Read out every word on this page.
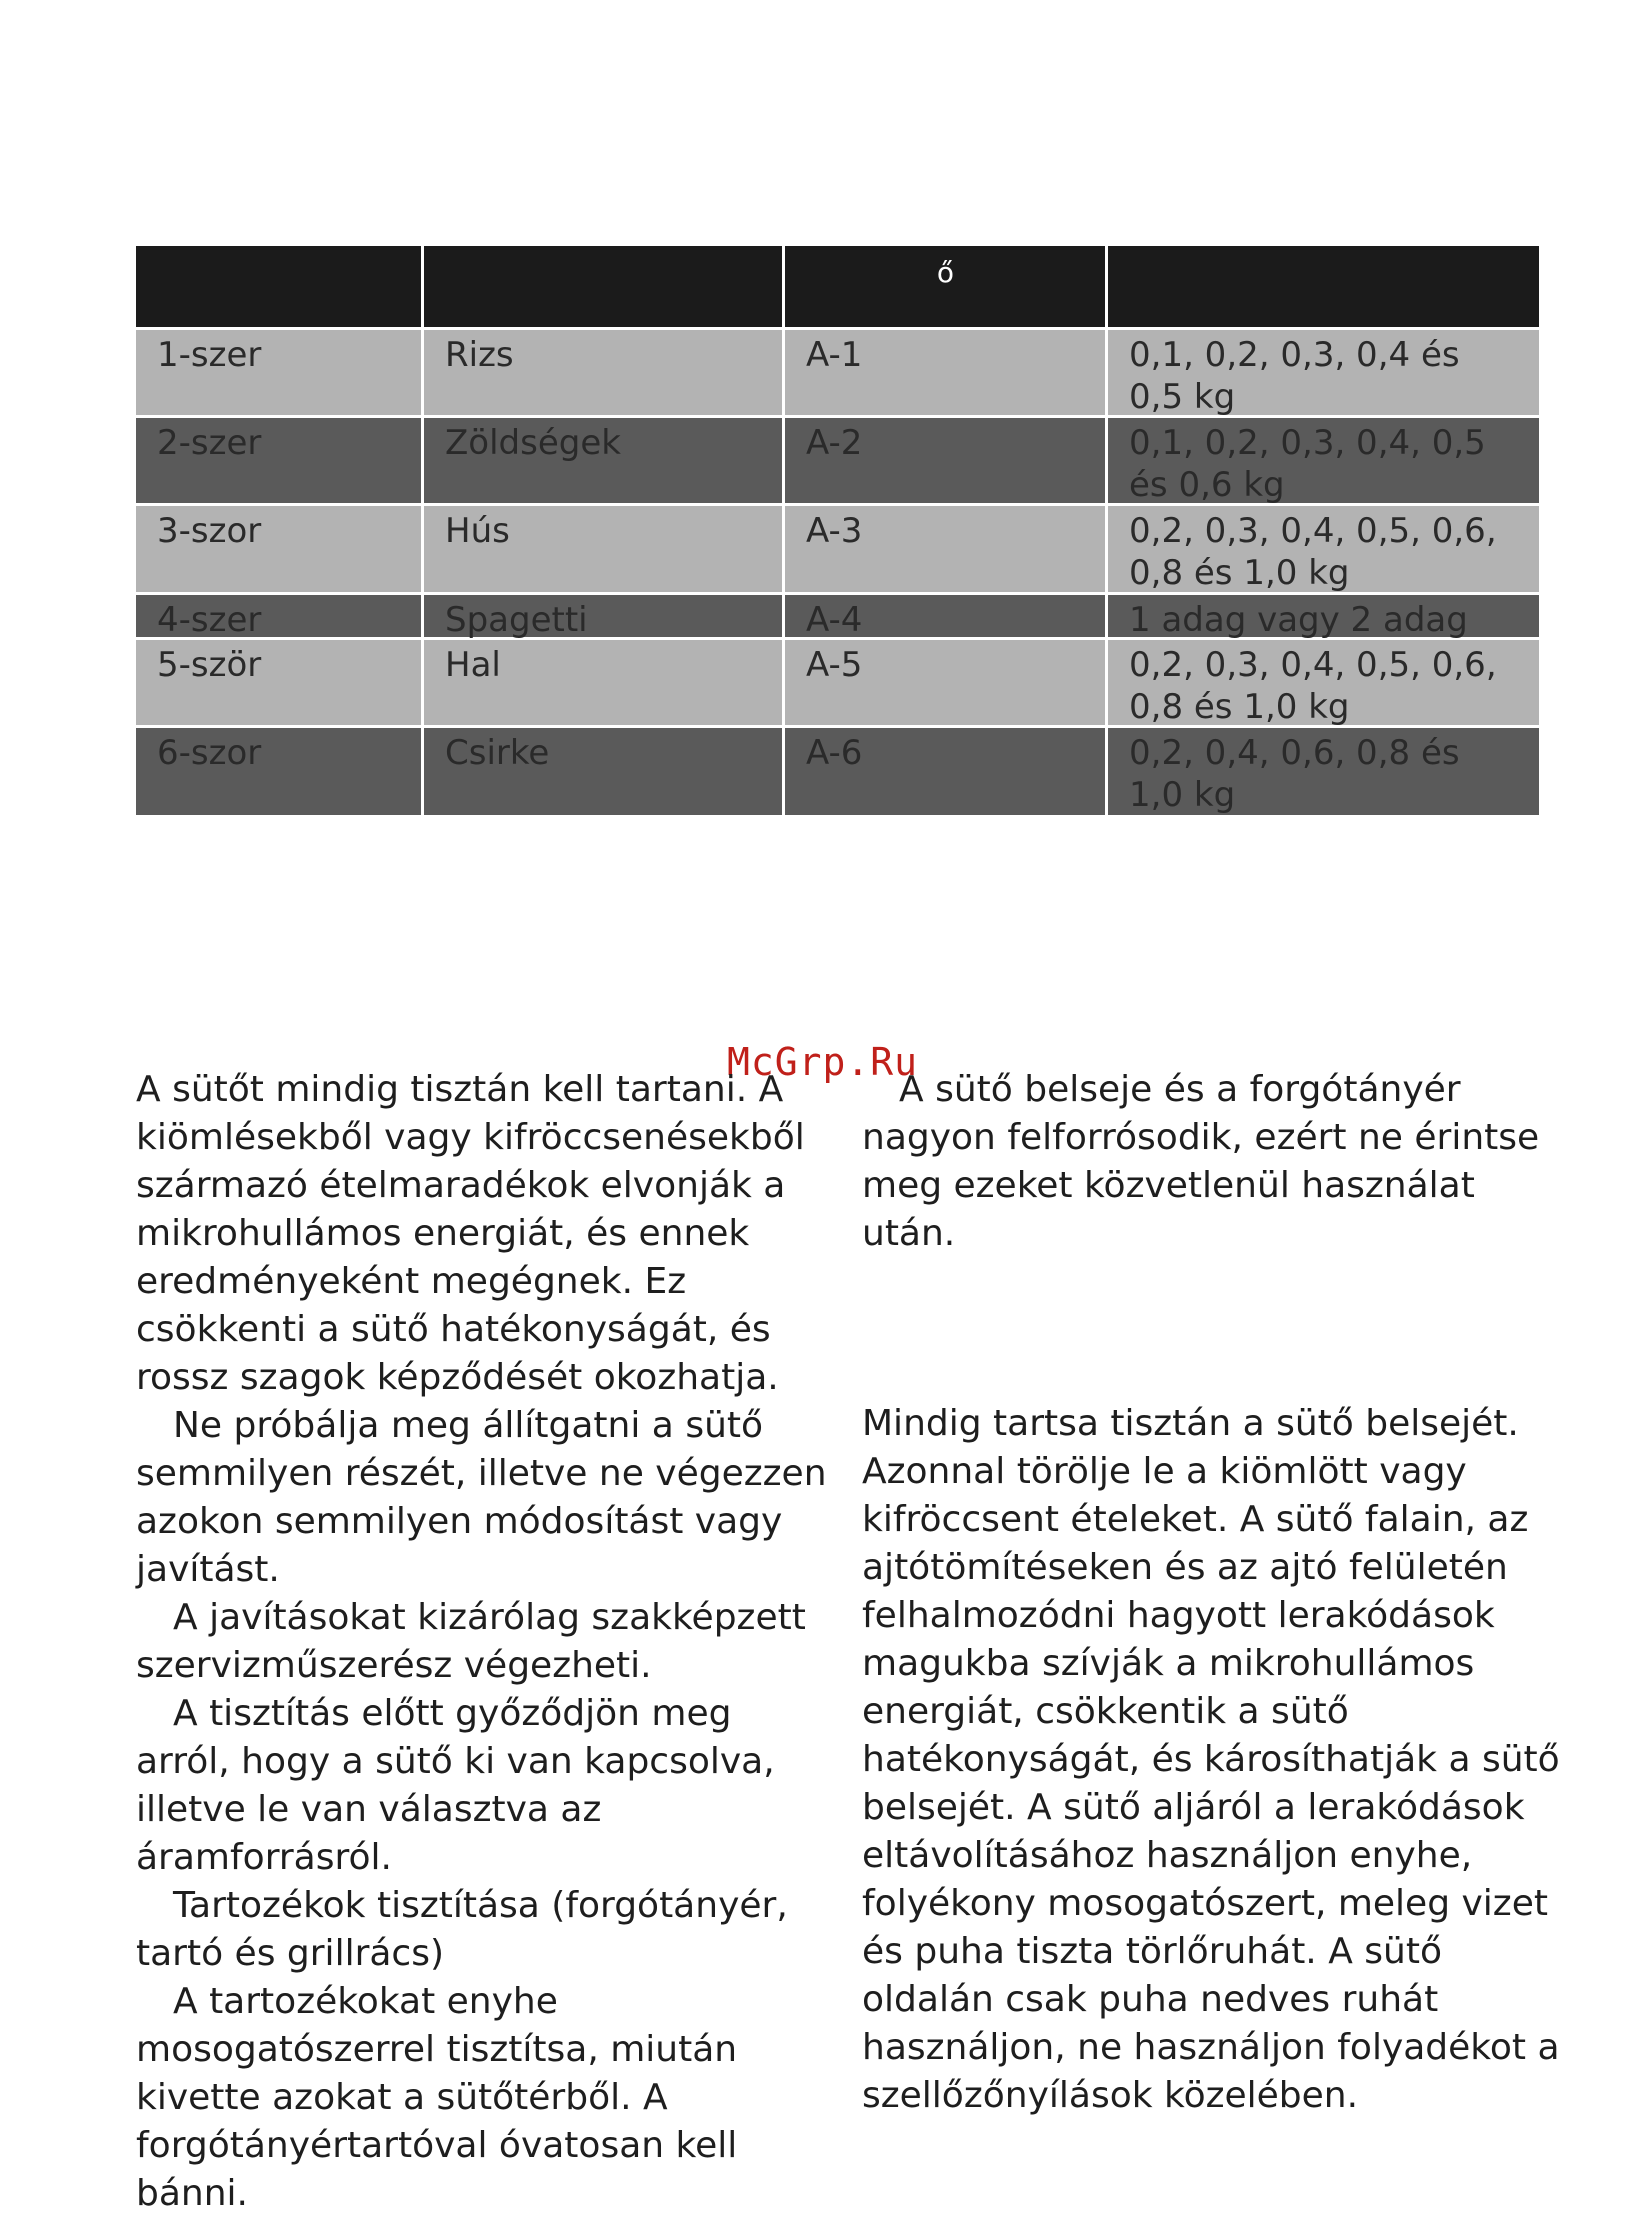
ő
1-szer	Rizs	A-1	0,1, 0,2, 0,3, 0,4 és 0,5 kg
2-szer	Zöldségek	A-2	0,1, 0,2, 0,3, 0,4, 0,5 és 0,6 kg
3-szor	Hús	A-3	0,2, 0,3, 0,4, 0,5, 0,6, 0,8 és 1,0 kg
4-szer	Spagetti	A-4	1 adag vagy 2 adag
5-ször	Hal	A-5	0,2, 0,3, 0,4, 0,5, 0,6, 0,8 és 1,0 kg
6-szor	Csirke	A-6	0,2, 0,4, 0,6, 0,8 és 1,0 kg
McGrp.Ru

A sütőt mindig tisztán kell tartani. A kiömlésekből vagy kifröccsenésekből származó ételmaradékok elvonják a mikrohullámos energiát, és ennek eredményeként megégnek. Ez csökkenti a sütő hatékonyságát, és rossz szagok képződését okozhatja.

Ne próbálja meg állítgatni a sütő semmilyen részét, illetve ne végezzen azokon semmilyen módosítást vagy javítást.

A javításokat kizárólag szakképzett szervizműszerész végezheti.

A tisztítás előtt győződjön meg arról, hogy a sütő ki van kapcsolva, illetve le van választva az áramforrásról.

Tartozékok tisztítása (forgótányér, tartó és grillrács)

A tartozékokat enyhe mosogatószerrel tisztítsa, miután kivette azokat a sütőtérből. A forgótányértartóval óvatosan kell bánni.

A sütő belseje és a forgótányér nagyon felforrósodik, ezért ne érintse meg ezeket közvetlenül használat után.

Mindig tartsa tisztán a sütő belsejét. Azonnal törölje le a kiömlött vagy kifröccsent ételeket. A sütő falain, az ajtótömítéseken és az ajtó felületén felhalmozódni hagyott lerakódások magukba szívják a mikrohullámos energiát, csökkentik a sütő hatékonyságát, és károsíthatják a sütő belsejét. A sütő aljáról a lerakódások eltávolításához használjon enyhe, folyékony mosogatószert, meleg vizet és puha tiszta törlőruhát. A sütő oldalán csak puha nedves ruhát használjon, ne használjon folyadékot a szellőzőnyílások közelében.
